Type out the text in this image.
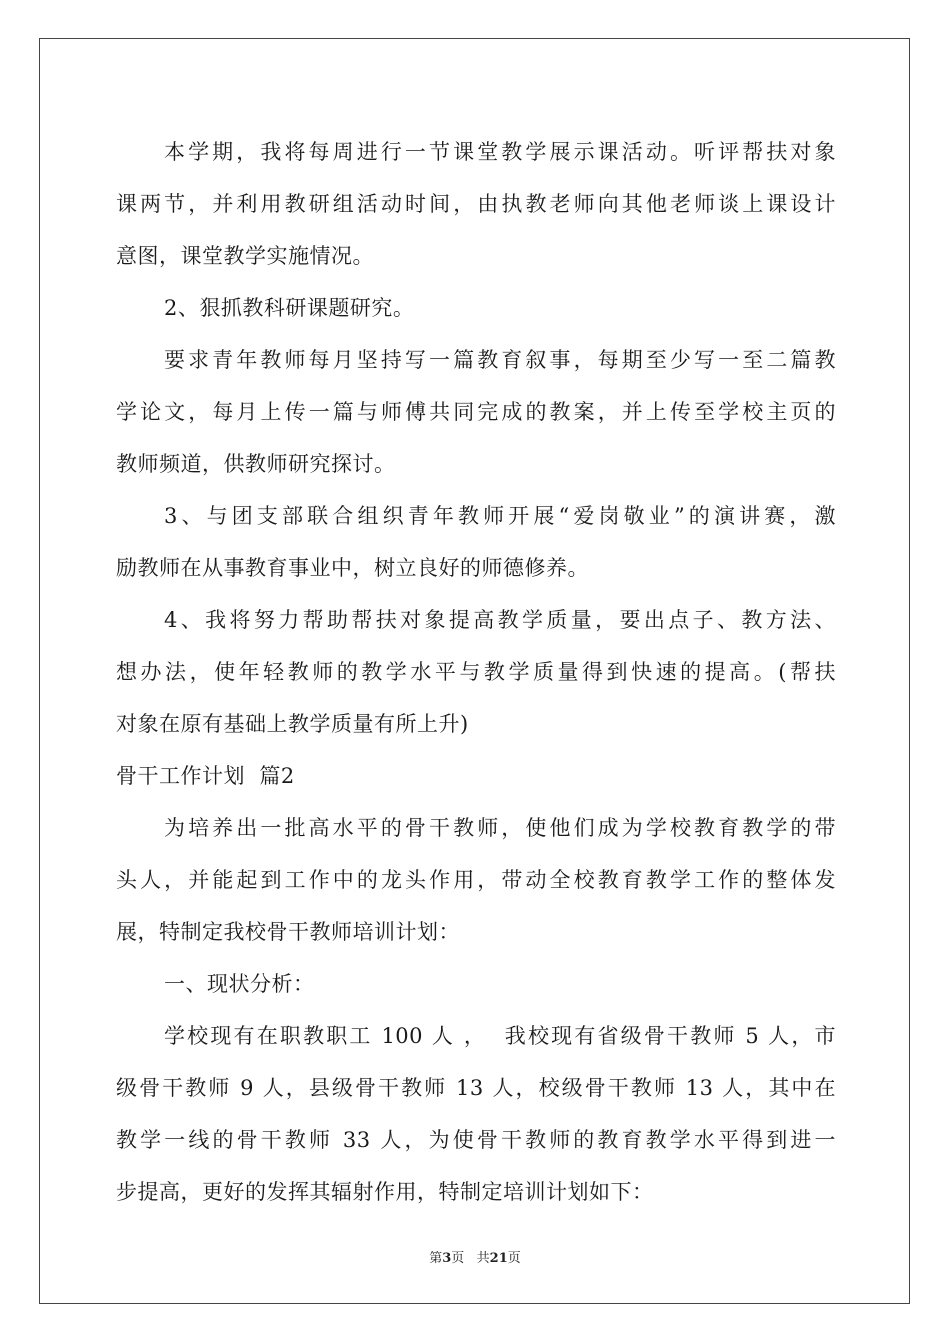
本学期，我将每周进行一节课堂教学展示课活动。听评帮扶对象
课两节，并利用教研组活动时间，由执教老师向其他老师谈上课设计
意图，课堂教学实施情况。
2、狠抓教科研课题研究。
要求青年教师每月坚持写一篇教育叙事，每期至少写一至二篇教
学论文，每月上传一篇与师傅共同完成的教案，并上传至学校主页的
教师频道，供教师研究探讨。
3、与团支部联合组织青年教师开展“爱岗敬业”的演讲赛，激
励教师在从事教育事业中，树立良好的师德修养。
4、我将努力帮助帮扶对象提高教学质量，要出点子、教方法、
想办法，使年轻教师的教学水平与教学质量得到快速的提高。(帮扶
对象在原有基础上教学质量有所上升)
骨干工作计划  篇2
为培养出一批高水平的骨干教师，使他们成为学校教育教学的带
头人，并能起到工作中的龙头作用，带动全校教育教学工作的整体发
展，特制定我校骨干教师培训计划：
一、现状分析：
学校现有在职教职工 100 人 ，  我校现有省级骨干教师 5 人，市
级骨干教师 9 人，县级骨干教师 13 人，校级骨干教师 13 人，其中在
教学一线的骨干教师 33 人，为使骨干教师的教育教学水平得到进一
步提高，更好的发挥其辐射作用，特制定培训计划如下：
第3页   共21页
